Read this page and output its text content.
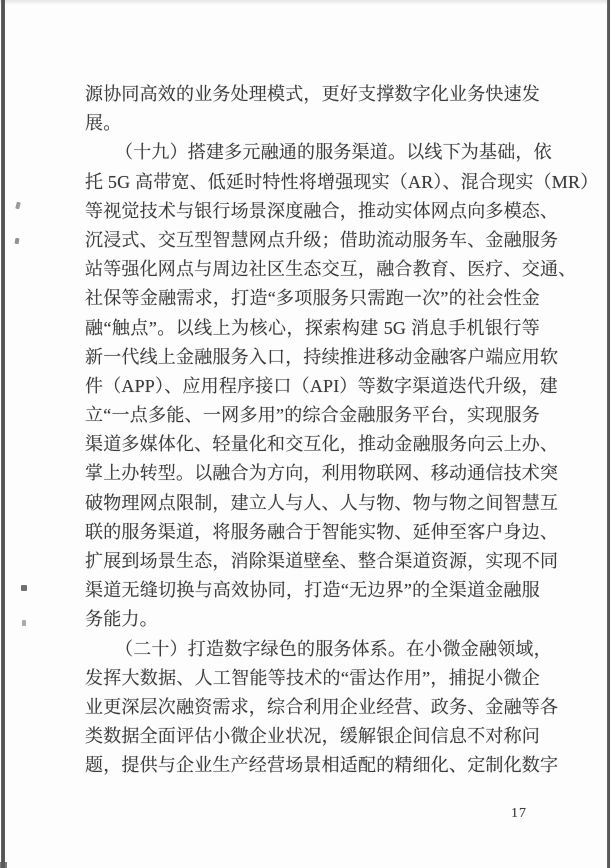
源协同高效的业务处理模式，更好支撑数字化业务快速发
展。
（十九）搭建多元融通的服务渠道。以线下为基础，依
托 5G 高带宽、低延时特性将增强现实（AR）、混合现实（MR）
等视觉技术与银行场景深度融合，推动实体网点向多模态、
沉浸式、交互型智慧网点升级；借助流动服务车、金融服务
站等强化网点与周边社区生态交互，融合教育、医疗、交通、
社保等金融需求，打造“多项服务只需跑一次”的社会性金
融“触点”。以线上为核心，探索构建 5G 消息手机银行等
新一代线上金融服务入口，持续推进移动金融客户端应用软
件（APP）、应用程序接口（API）等数字渠道迭代升级，建
立“一点多能、一网多用”的综合金融服务平台，实现服务
渠道多媒体化、轻量化和交互化，推动金融服务向云上办、
掌上办转型。以融合为方向，利用物联网、移动通信技术突
破物理网点限制，建立人与人、人与物、物与物之间智慧互
联的服务渠道，将服务融合于智能实物、延伸至客户身边、
扩展到场景生态，消除渠道壁垒、整合渠道资源，实现不同
渠道无缝切换与高效协同，打造“无边界”的全渠道金融服
务能力。
（二十）打造数字绿色的服务体系。在小微金融领域，
发挥大数据、人工智能等技术的“雷达作用”，捕捉小微企
业更深层次融资需求，综合利用企业经营、政务、金融等各
类数据全面评估小微企业状况，缓解银企间信息不对称问
题，提供与企业生产经营场景相适配的精细化、定制化数字
17
